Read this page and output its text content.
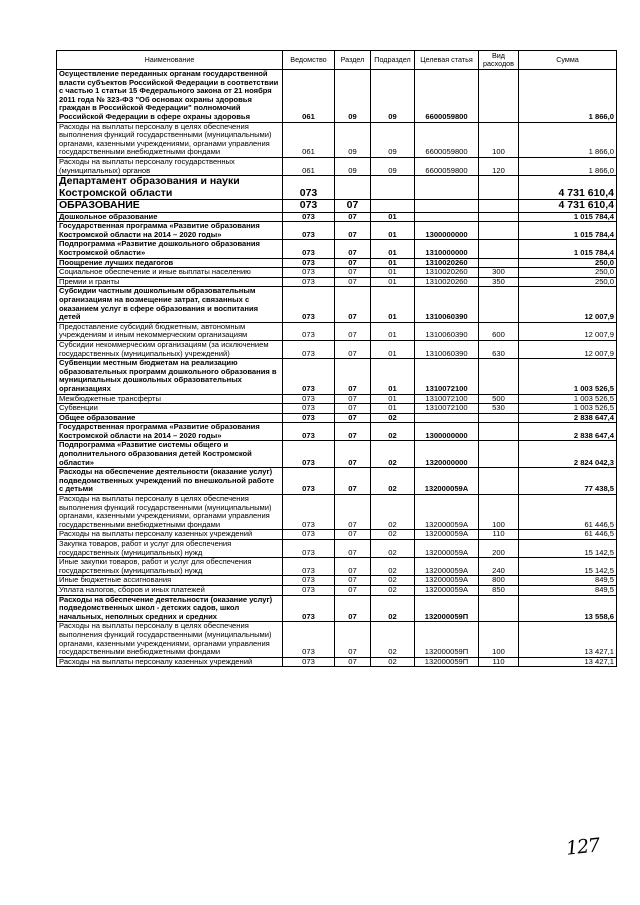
Наименование	Ведомство	Раздел	Подраздел	Целевая статья	Вид расходов	Сумма
Осуществление переданных органам государственной власти субъектов Российской Федерации в соответствии с частью 1 статьи 15 Федерального закона от 21 ноября 2011 года № 323-ФЗ "Об основах охраны здоровья граждан в Российской Федерации" полномочий Российской Федерации в сфере охраны здоровья	061	09	09	6600059800		1 866,0
Расходы на выплаты персоналу в целях обеспечения выполнения функций государственными (муниципальными) органами, казенными учреждениями, органами управления государственными внебюджетными фондами	061	09	09	6600059800	100	1 866,0
Расходы на выплаты персоналу государственных (муниципальных) органов	061	09	09	6600059800	120	1 866,0
Департамент образования и науки Костромской области	073					4 731 610,4
ОБРАЗОВАНИЕ	073	07				4 731 610,4
Дошкольное образование	073	07	01			1 015 784,4
Государственная программа «Развитие образования Костромской области на 2014 – 2020 годы»	073	07	01	1300000000		1 015 784,4
Подпрограмма «Развитие дошкольного образования Костромской области»	073	07	01	1310000000		1 015 784,4
Поощрение лучших педагогов	073	07	01	1310020260		250,0
Социальное обеспечение и иные выплаты населению	073	07	01	1310020260	300	250,0
Премии и гранты	073	07	01	1310020260	350	250,0
Субсидии частным дошкольным образовательным организациям на возмещение затрат, связанных с оказанием услуг в сфере образования и воспитания детей	073	07	01	1310060390		12 007,9
Предоставление субсидий бюджетным, автономным учреждениям и иным некоммерческим организациям	073	07	01	1310060390	600	12 007,9
Субсидии некоммерческим организациям (за исключением государственных (муниципальных) учреждений)	073	07	01	1310060390	630	12 007,9
Субвенции местным бюджетам на реализацию образовательных программ дошкольного образования в муниципальных дошкольных образовательных организациях	073	07	01	1310072100		1 003 526,5
Межбюджетные трансферты	073	07	01	1310072100	500	1 003 526,5
Субвенции	073	07	01	1310072100	530	1 003 526,5
Общее образование	073	07	02			2 838 647,4
Государственная программа «Развитие образования Костромской области на 2014 – 2020 годы»	073	07	02	1300000000		2 838 647,4
Подпрограмма «Развитие системы общего и дополнительного образования детей Костромской области»	073	07	02	1320000000		2 824 042,3
Расходы на обеспечение деятельности (оказание услуг) подведомственных учреждений по внешкольной работе с детьми	073	07	02	132000059А		77 438,5
Расходы на выплаты персоналу в целях обеспечения выполнения функций государственными (муниципальными) органами, казенными учреждениями, органами управления государственными внебюджетными фондами	073	07	02	132000059А	100	61 446,5
Расходы на выплаты персоналу казенных учреждений	073	07	02	132000059А	110	61 446,5
Закупка товаров, работ и услуг для обеспечения государственных (муниципальных) нужд	073	07	02	132000059А	200	15 142,5
Иные закупки товаров, работ и услуг для обеспечения государственных (муниципальных) нужд	073	07	02	132000059А	240	15 142,5
Иные бюджетные ассигнования	073	07	02	132000059А	800	849,5
Уплата налогов, сборов и иных платежей	073	07	02	132000059А	850	849,5
Расходы на обеспечение деятельности (оказание услуг) подведомственных школ - детских садов, школ начальных, неполных средних и средних	073	07	02	132000059П		13 558,6
Расходы на выплаты персоналу в целях обеспечения выполнения функций государственными (муниципальными) органами, казенными учреждениями, органами управления государственными внебюджетными фондами	073	07	02	132000059П	100	13 427,1
Расходы на выплаты персоналу казенных учреждений	073	07	02	132000059П	110	13 427,1
127
